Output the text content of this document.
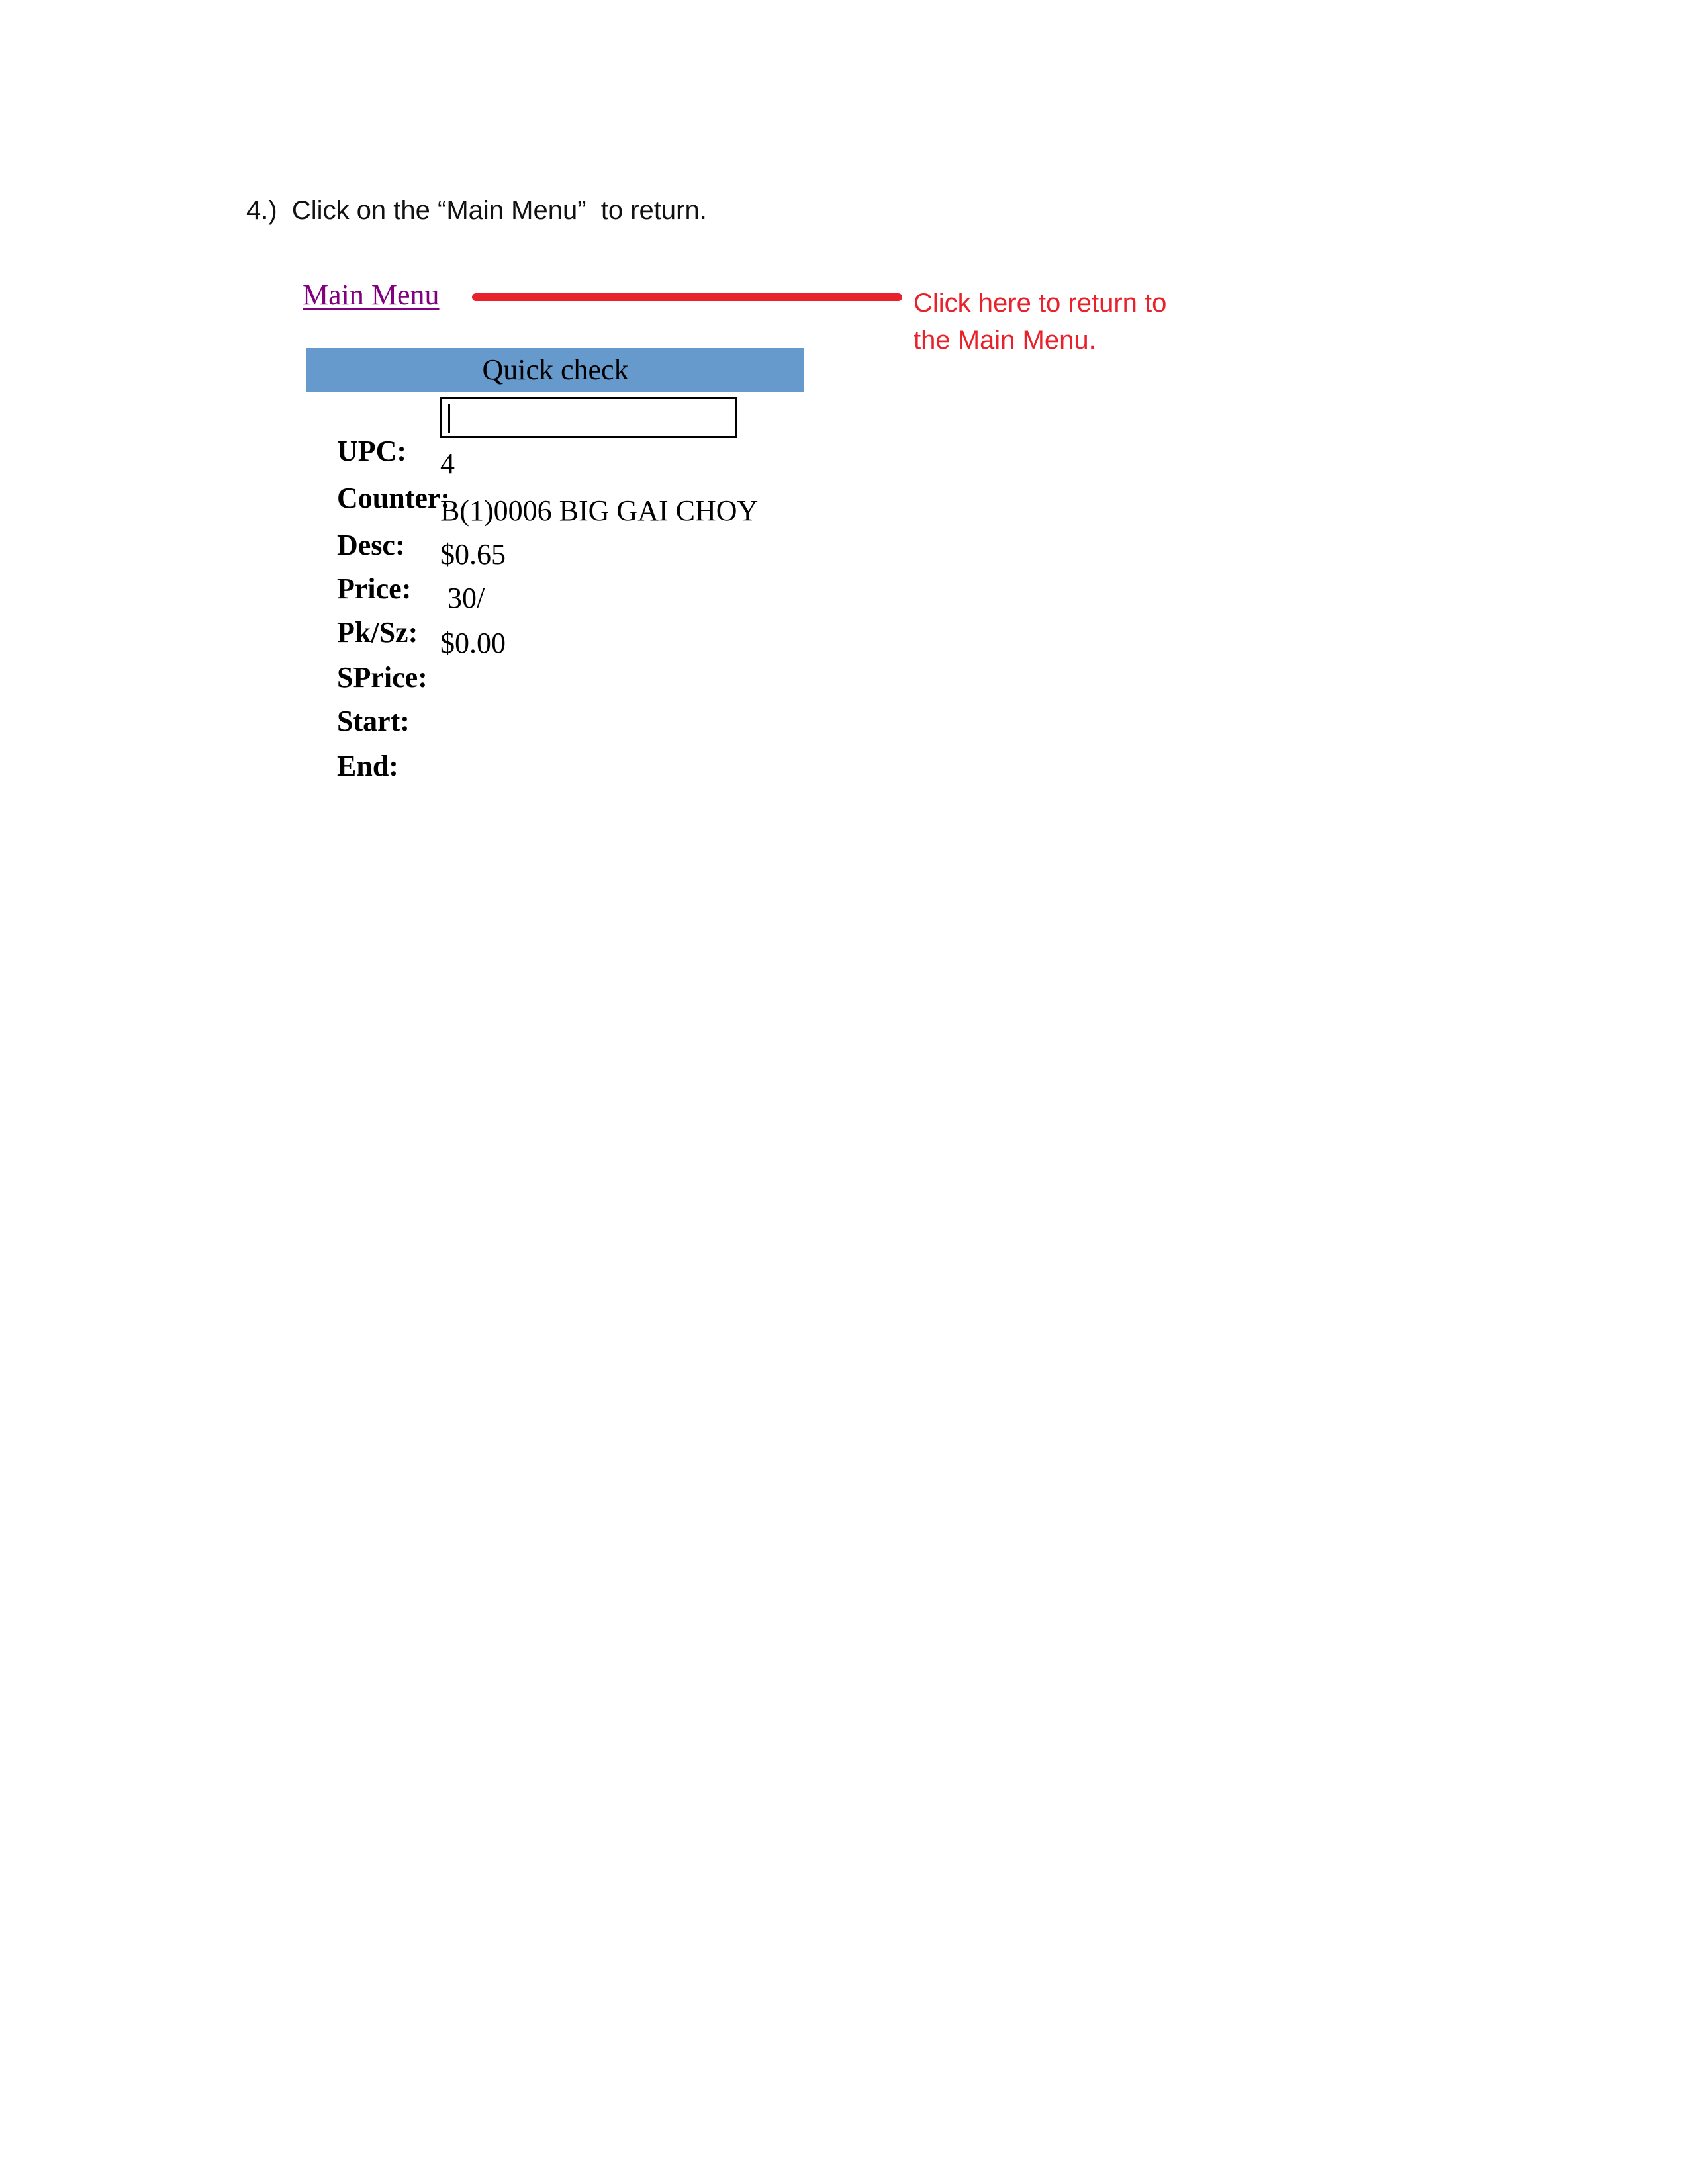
4.)  Click on the “Main Menu”  to return.
Main Menu
Quick check

UPC:

Counter:
4

Desc:
B(1)0006 BIG GAI CHOY

Price:
$0.65

Pk/Sz:
30/

SPrice:
$0.00

Start:

End:

Click here to return to
the Main Menu.
